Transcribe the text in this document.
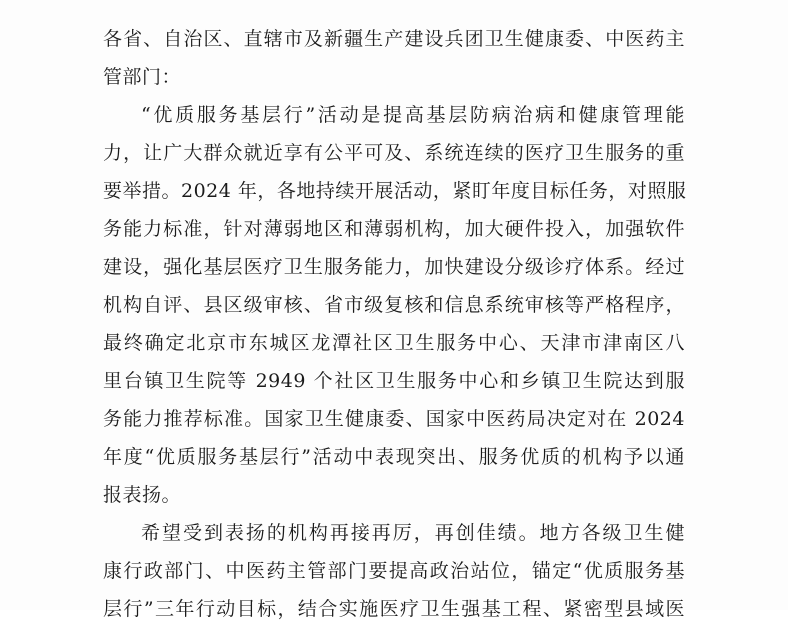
各省、自治区、直辖市及新疆生产建设兵团卫生健康委、中医药主
管部门：
“优质服务基层行”活动是提高基层防病治病和健康管理能
力，让广大群众就近享有公平可及、系统连续的医疗卫生服务的重
要举措。2024 年，各地持续开展活动，紧盯年度目标任务，对照服
务能力标准，针对薄弱地区和薄弱机构，加大硬件投入，加强软件
建设，强化基层医疗卫生服务能力，加快建设分级诊疗体系。经过
机构自评、县区级审核、省市级复核和信息系统审核等严格程序，
最终确定北京市东城区龙潭社区卫生服务中心、天津市津南区八
里台镇卫生院等 2949 个社区卫生服务中心和乡镇卫生院达到服
务能力推荐标准。国家卫生健康委、国家中医药局决定对在 2024
年度“优质服务基层行”活动中表现突出、服务优质的机构予以通
报表扬。
希望受到表扬的机构再接再厉，再创佳绩。地方各级卫生健
康行政部门、中医药主管部门要提高政治站位，锚定“优质服务基
层行”三年行动目标，结合实施医疗卫生强基工程、紧密型县域医
